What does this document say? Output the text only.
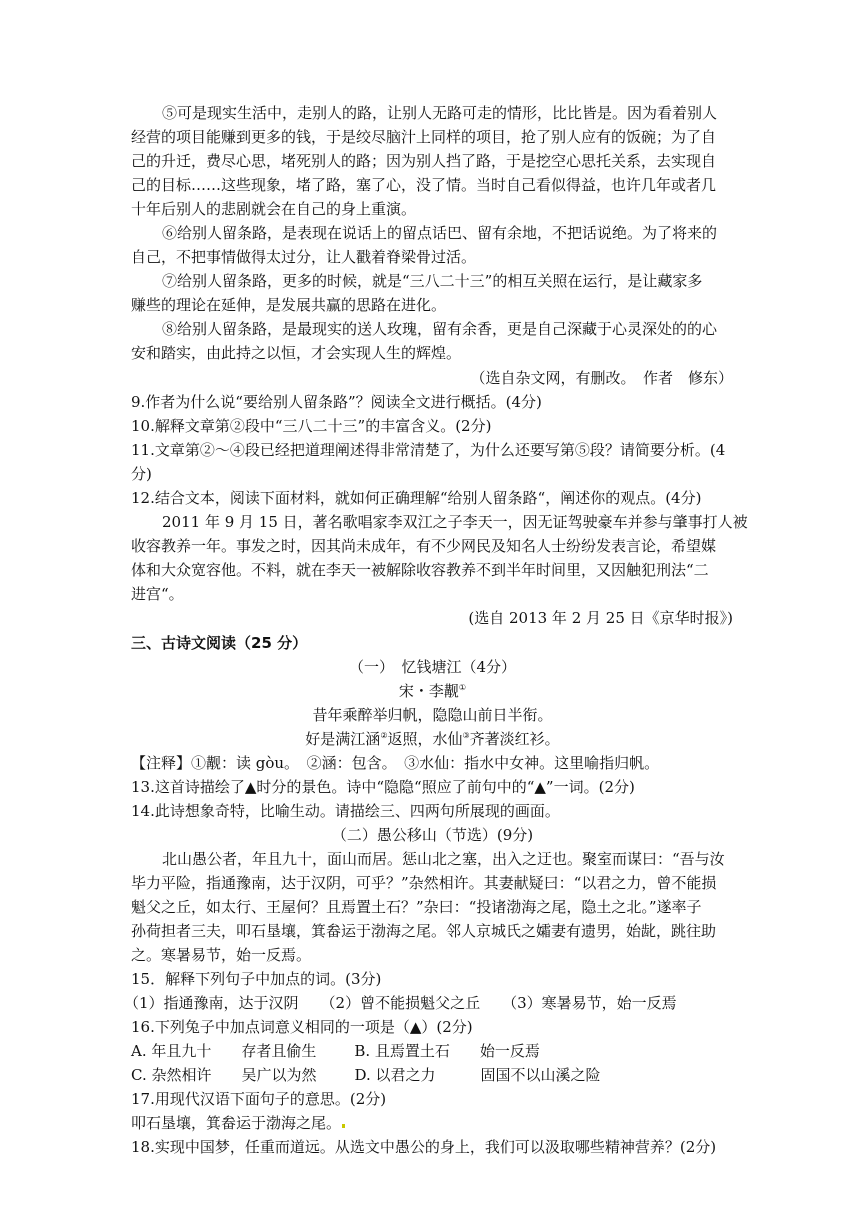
⑤可是现实生活中，走别人的路，让别人无路可走的情形，比比皆是。因为看着别人
经营的项目能赚到更多的钱，于是绞尽脑汁上同样的项目，抢了别人应有的饭碗；为了自
己的升迁，费尽心思，堵死别人的路；因为别人挡了路，于是挖空心思托关系，去实现自
己的目标……这些现象，堵了路，塞了心，没了情。当时自己看似得益，也许几年或者几
十年后别人的悲剧就会在自己的身上重演。
⑥给别人留条路，是表现在说话上的留点话巴、留有余地，不把话说绝。为了将来的
自己，不把事情做得太过分，让人戳着脊梁骨过活。
⑦给别人留条路，更多的时候，就是“三八二十三”的相互关照在运行，是让藏家多
赚些的理论在延伸，是发展共赢的思路在进化。
⑧给别人留条路，是最现实的送人玫瑰，留有余香，更是自己深藏于心灵深处的的心
安和踏实，由此持之以恒，才会实现人生的辉煌。
（选自杂文网，有删改。　作者　修东）
9.作者为什么说“要给别人留条路”？阅读全文进行概括。(4分)
10.解释文章第②段中“三八二十三”的丰富含义。(2分)
11.文章第②～④段已经把道理阐述得非常清楚了，为什么还要写第⑤段？请简要分析。(4
分)
12.结合文本，阅读下面材料，就如何正确理解“给别人留条路“，阐述你的观点。(4分)
2011 年 9 月 15 日，著名歌唱家李双江之子李天一，因无证驾驶豪车并参与肇事打人被
收容教养一年。事发之时，因其尚未成年，有不少网民及知名人士纷纷发表言论，希望媒
体和大众宽容他。不料，就在李天一被解除收容教养不到半年时间里，又因触犯刑法“二
进宫“。
(选自 2013 年 2 月 25 日《京华时报》)
三、古诗文阅读（25 分）
（一）　忆钱塘江（4分）
宋・李觏①
昔年乘醉举归帆，隐隐山前日半衔。
好是满江涵②返照，水仙③齐著淡红衫。
【注释】①觏：读 gòu。　②涵：包含。　③水仙：指水中女神。这里喻指归帆。
13.这首诗描绘了▲时分的景色。诗中“隐隐“照应了前句中的“▲”一词。(2分)
14.此诗想象奇特，比喻生动。请描绘三、四两句所展现的画面。
（二）愚公移山（节选）(9分)
北山愚公者，年且九十，面山而居。惩山北之塞，出入之迂也。聚室而谋曰：“吾与汝
毕力平险，指通豫南，达于汉阴，可乎？”杂然相许。其妻献疑曰：“以君之力，曾不能损
魁父之丘，如太行、王屋何？且焉置土石？”杂曰：“投诸渤海之尾，隐土之北。”遂率子
孙荷担者三夫，叩石垦壤，箕畚运于渤海之尾。邻人京城氏之孀妻有遗男，始龀，跳往助
之。寒暑易节，始一反焉。
15．解释下列句子中加点的词。(3分)
（1）指通豫南，达于汉阴 （2）曾不能损魁父之丘 （3）寒暑易节，始一反焉
16.下列兔子中加点词意义相同的一项是（▲）(2分)
A. 年且九十　　存者且偷生	B. 且焉置土石　　始一反焉
C. 杂然相许　　吴广以为然	D. 以君之力　　　固国不以山溪之险
17.用现代汉语下面句子的意思。(2分)
叩石垦壤，箕畚运于渤海之尾。
18.实现中国梦，任重而道远。从选文中愚公的身上，我们可以汲取哪些精神营养？(2分)
